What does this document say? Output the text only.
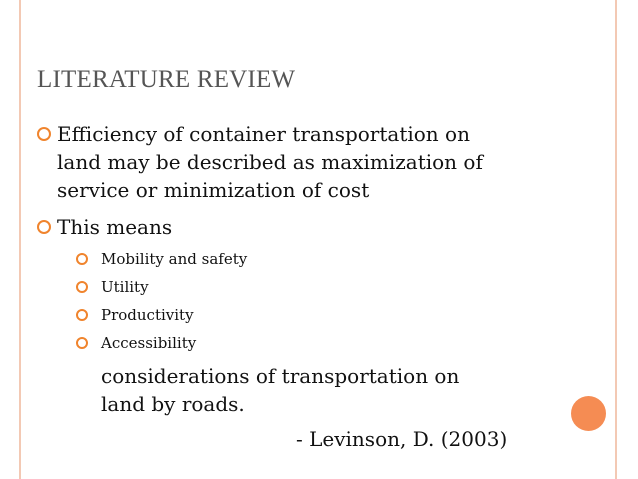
LITERATURE REVIEW
Efficiency of container transportation on
land may be described as maximization of
service or minimization of cost
This means
Mobility and safety
Utility
Productivity
Accessibility
considerations of transportation on
land by roads.
- Levinson, D. (2003)
